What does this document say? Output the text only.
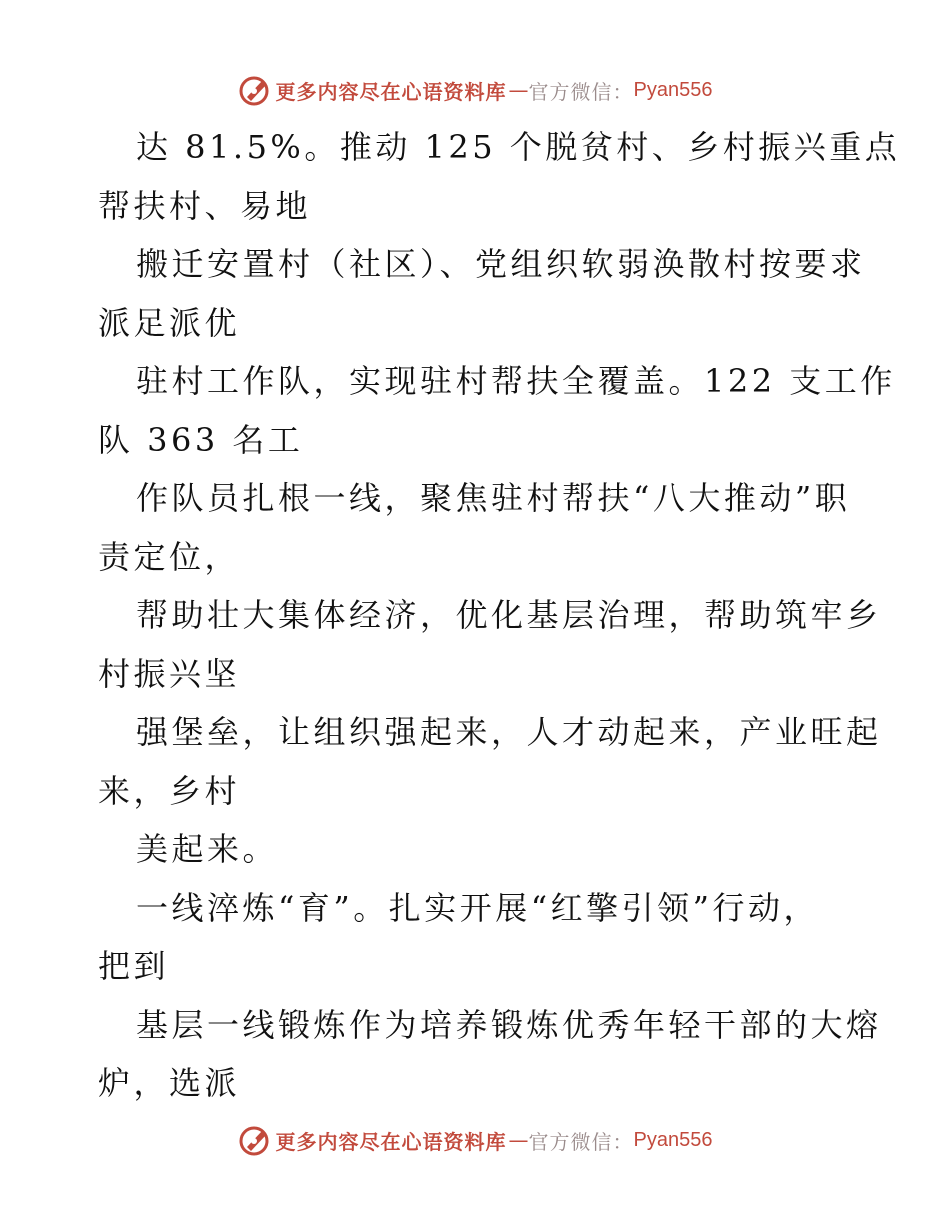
更多内容尽在心语资料库 — 官方微信： Pyan556
达 81.5%。推动 125 个脱贫村、乡村振兴重点
帮扶村、易地
搬迁安置村（社区）、党组织软弱涣散村按要求
派足派优
驻村工作队，实现驻村帮扶全覆盖。122 支工作
队 363 名工
作队员扎根一线，聚焦驻村帮扶“八大推动”职
责定位，
帮助壮大集体经济，优化基层治理，帮助筑牢乡
村振兴坚
强堡垒，让组织强起来，人才动起来，产业旺起
来，乡村
美起来。
一线淬炼“育”。扎实开展“红擎引领”行动，
把到
基层一线锻炼作为培养锻炼优秀年轻干部的大熔
炉，选派
更多内容尽在心语资料库 — 官方微信： Pyan556
